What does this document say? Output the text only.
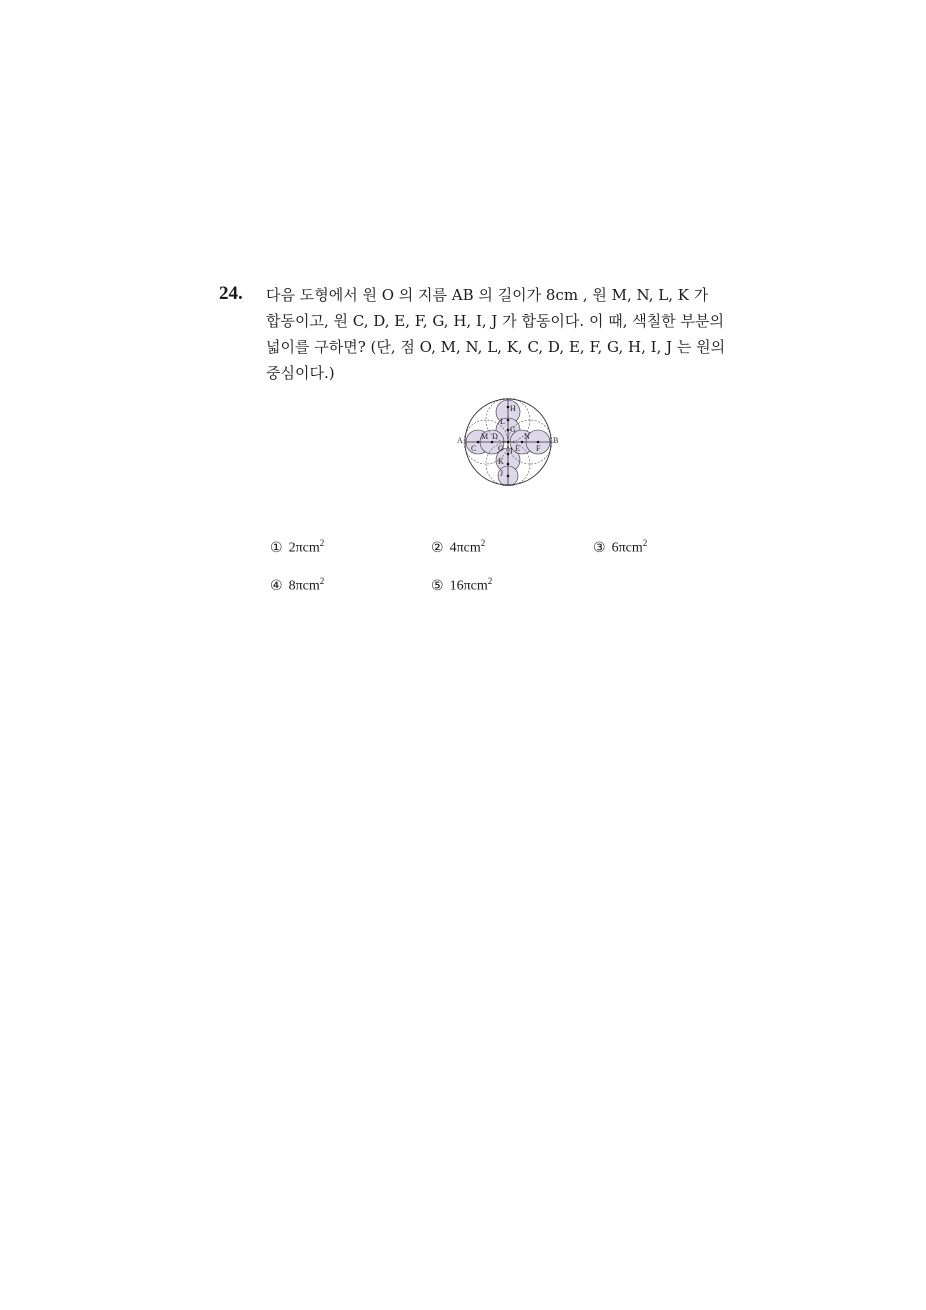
24. 다음 도형에서 원 O 의 지름 AB 의 길이가 8cm , 원 M, N, L, K 가
합동이고, 원 C, D, E, F, G, H, I, J 가 합동이다. 이 때, 색칠한 부분의
넓이를 구하면? (단, 점 O, M, N, L, K, C, D, E, F, G, H, I, J 는 원의
중심이다.)
A	B
H
L
G
M D	N
C	O I E F
K
J
① 2πcm$^2$	② 4πcm$^2$	③ 6πcm$^2$
④ 8πcm$^2$	⑤ 16πcm$^2$
